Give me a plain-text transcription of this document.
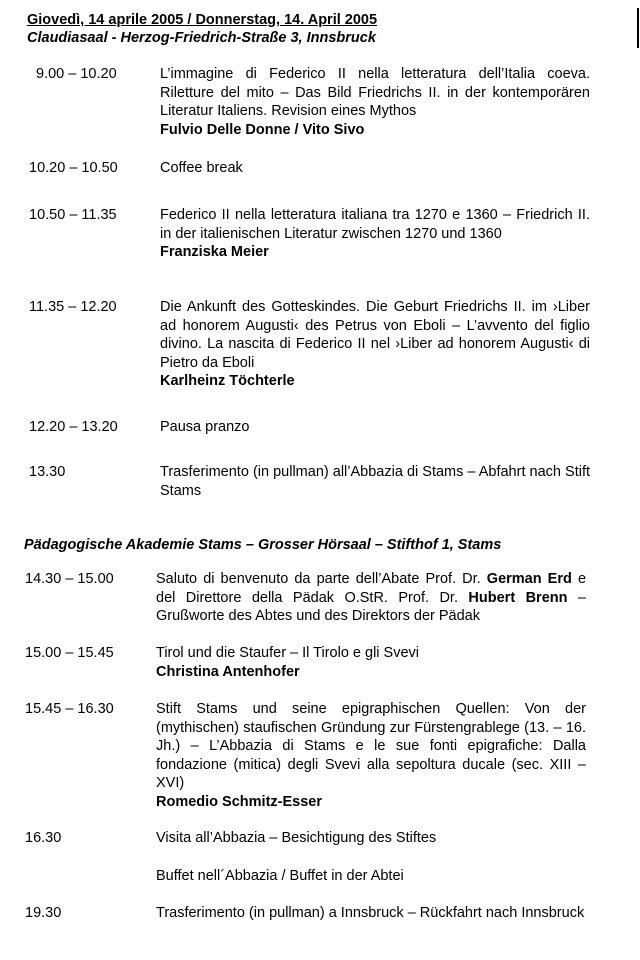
Giovedì, 14 aprile 2005 / Donnerstag, 14. April 2005
Claudiasaal - Herzog-Friedrich-Straße 3, Innsbruck
9.00 – 10.20	L’immagine di Federico II nella letteratura dell’Italia coeva. Riletture del mito – Das Bild Friedrichs II. in der kontemporären Literatur Italiens. Revision eines Mythos
Fulvio Delle Donne / Vito Sivo
10.20 – 10.50	Coffee break
10.50 – 11.35	Federico II nella letteratura italiana tra 1270 e 1360 – Friedrich II. in der italienischen Literatur zwischen 1270 und 1360
Franziska Meier
11.35 – 12.20	Die Ankunft des Gotteskindes. Die Geburt Friedrichs II. im ›Liber ad honorem Augusti‹ des Petrus von Eboli – L’avvento del figlio divino. La nascita di Federico II nel ›Liber ad honorem Augusti‹ di Pietro da Eboli
Karlheinz Töchterle
12.20 – 13.20	Pausa pranzo
13.30	Trasferimento (in pullman) all’Abbazia di Stams – Abfahrt nach Stift Stams
Pädagogische Akademie Stams – Grosser Hörsaal – Stifthof 1, Stams
14.30 – 15.00	Saluto di benvenuto da parte dell’Abate Prof. Dr. German Erd e del Direttore della Pädak O.StR. Prof. Dr. Hubert Brenn – Grußworte des Abtes und des Direktors der Pädak
15.00 – 15.45	Tirol und die Staufer – Il Tirolo e gli Svevi
Christina Antenhofer
15.45 – 16.30	Stift Stams und seine epigraphischen Quellen: Von der (mythischen) staufischen Gründung zur Fürstengrablege (13. – 16. Jh.) – L’Abbazia di Stams e le sue fonti epigrafiche: Dalla fondazione (mitica) degli Svevi alla sepoltura ducale (sec. XIII – XVI)
Romedio Schmitz-Esser
16.30	Visita all’Abbazia – Besichtigung des Stiftes
Buffet nell´Abbazia / Buffet in der Abtei
19.30	Trasferimento (in pullman) a Innsbruck – Rückfahrt nach Innsbruck
